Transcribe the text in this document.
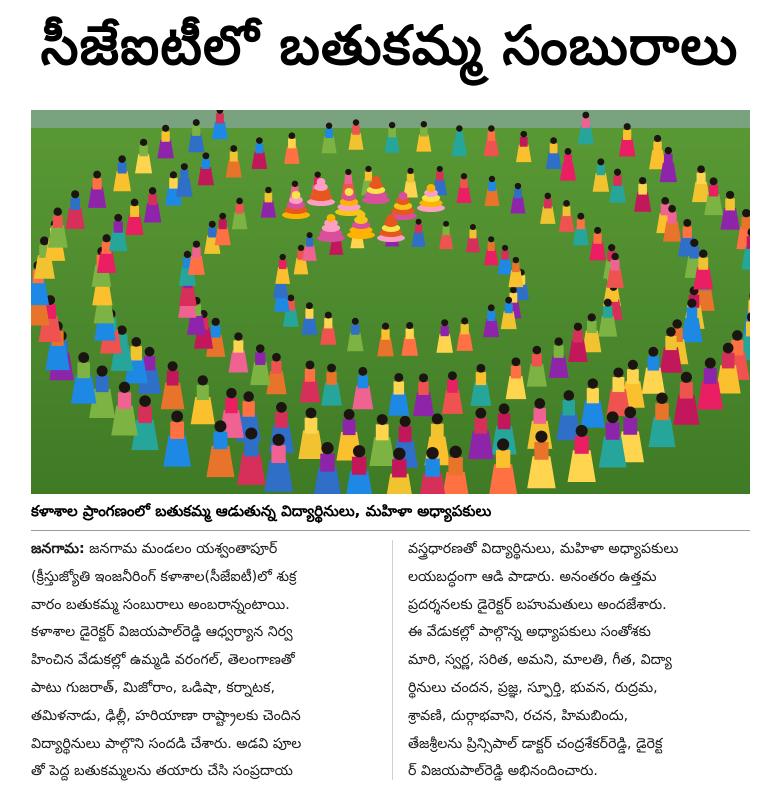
సీజేఐటీలో బతుకమ్మ సంబురాలు
కళాశాల ప్రాంగణంలో బతుకమ్మ ఆడుతున్న విద్యార్థినులు, మహిళా అధ్యాపకులు
జనగామ: జనగామ మండలం యశ్వంతాపూర్
(క్రీస్తుజ్యోతి ఇంజనీరింగ్ కళాశాల(సీజేఐటీ)లో శుక్ర
వారం బతుకమ్మ సంబురాలు అంబరాన్నంటాయి.
కళాశాల డైరెక్టర్ విజయపాల్‌రెడ్డి ఆధ్వర్యాన నిర్వ
హించిన వేడుకల్లో ఉమ్మడి వరంగల్, తెలంగాణతో
పాటు గుజరాత్, మిజోరాం, ఒడిషా, కర్నాటక,
తమిళనాడు, ఢిల్లీ, హరియాణా రాష్ట్రాలకు చెందిన
విద్యార్థినులు పాల్గొని సందడి చేశారు. అడవి పూల
తో పెద్ద బతుకమ్మలను తయారు చేసి సంప్రదాయ
వస్త్రధారణతో విద్యార్థినులు, మహిళా అధ్యాపకులు
లయబద్ధంగా ఆడి పాడారు. అనంతరం ఉత్తమ
ప్రదర్శనలకు డైరెక్టర్ బహుమతులు అందజేశారు.
ఈ వేడుకల్లో పాల్గొన్న అధ్యాపకులు సంతోశకు
మారి, స్వర్ణ, సరిత, అమని, మాలతి, గీత, విద్యా
ర్థినులు చందన, ప్రజ్ఞ, స్ఫూర్తి, భువన, రుద్రమ,
శ్రావణి, దుర్గాభవాని, రచన, హిమబిందు,
తేజశ్రీలను ప్రిన్సిపాల్ డాక్టర్ చంద్రశేకర్‌రెడ్డి, డైరెక్ట
ర్ విజయపాల్‌రెడ్డి అభినందించారు.
